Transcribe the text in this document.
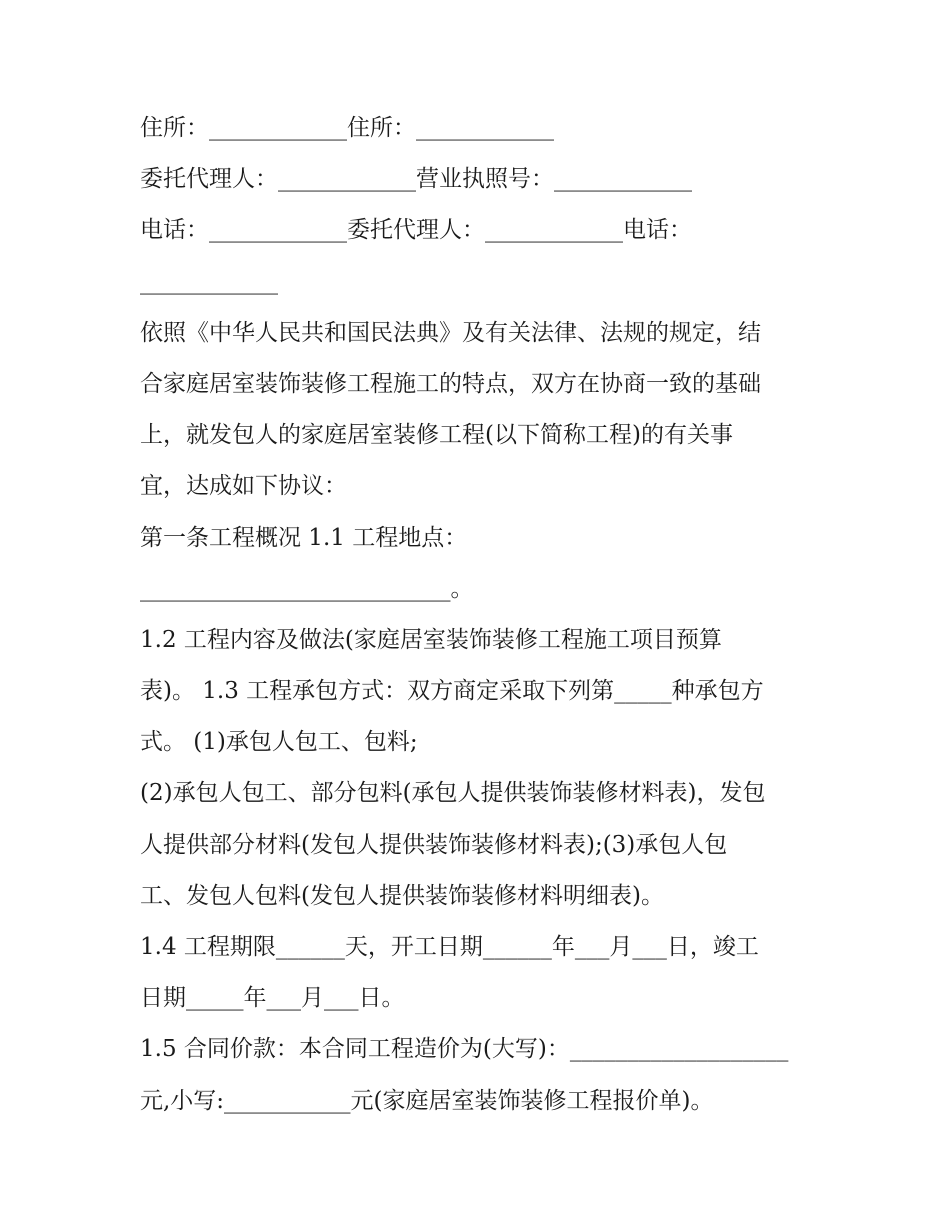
住所：____________住所：____________
委托代理人：____________营业执照号：____________
电话：____________委托代理人：____________电话：
____________
依照《中华人民共和国民法典》及有关法律、法规的规定，结
合家庭居室装饰装修工程施工的特点，双方在协商一致的基础
上，就发包人的家庭居室装修工程(以下简称工程)的有关事
宜，达成如下协议：
第一条工程概况 1.1 工程地点：
___________________________。
1.2 工程内容及做法(家庭居室装饰装修工程施工项目预算
表)。 1.3 工程承包方式：双方商定采取下列第_____种承包方
式。 (1)承包人包工、包料;
(2)承包人包工、部分包料(承包人提供装饰装修材料表)，发包
人提供部分材料(发包人提供装饰装修材料表);(3)承包人包
工、发包人包料(发包人提供装饰装修材料明细表)。
1.4 工程期限______天，开工日期______年___月___日，竣工
日期_____年___月___日。
1.5 合同价款：本合同工程造价为(大写)：___________________
元,小写:___________元(家庭居室装饰装修工程报价单)。
